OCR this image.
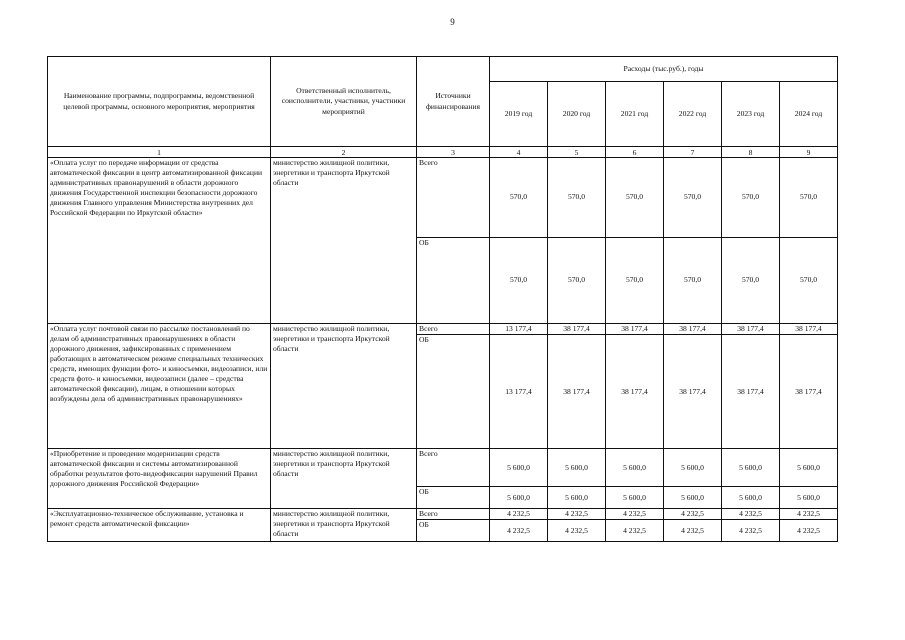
9
Наименование программы, подпрограммы, ведомственной целевой программы, основного мероприятия, мероприятия	Ответственный исполнитель, соисполнители, участники, участники мероприятий	Источники финансирования	Расходы (тыс.руб.), годы					
			2019 год	2020 год	2021 год	2022 год	2023 год	2024 год
1	2	3	4	5	6	7	8	9
«Оплата услуг по передаче информации от средства автоматической фиксации в центр автоматизированной фиксации административных правонарушений в области дорожного движения Государственной инспекции безопасности дорожного движения Главного управления Министерства внутренних дел Российской Федерации по Иркутской области»	министерство жилищной политики, энергетики и транспорта Иркутской области	Всего	570,0	570,0	570,0	570,0	570,0	570,0
		ОБ	570,0	570,0	570,0	570,0	570,0	570,0
«Оплата услуг почтовой связи по рассылке постановлений по делам об административных правонарушениях в области дорожного движения, зафиксированных с применением работающих в автоматическом режиме специальных технических средств, имеющих функции фото- и киносъемки, видеозаписи, или средств фото- и киносъемки, видеозаписи (далее – средства автоматической фиксации), лицам, в отношении которых возбуждены дела об административных правонарушениях»	министерство жилищной политики, энергетики и транспорта Иркутской области	Всего	13 177,4	38 177,4	38 177,4	38 177,4	38 177,4	38 177,4
		ОБ	13 177,4	38 177,4	38 177,4	38 177,4	38 177,4	38 177,4
«Приобретение и проведение модернизации средств автоматической фиксации и системы автоматизированной обработки результатов фото-видеофиксации нарушений Правил дорожного движения Российской Федерации»	министерство жилищной политики, энергетики и транспорта Иркутской области	Всего	5 600,0	5 600,0	5 600,0	5 600,0	5 600,0	5 600,0
		ОБ	5 600,0	5 600,0	5 600,0	5 600,0	5 600,0	5 600,0
«Эксплуатационно-техническое обслуживание, установка и ремонт средств автоматической фиксации»	министерство жилищной политики, энергетики и транспорта Иркутской области	Всего	4 232,5	4 232,5	4 232,5	4 232,5	4 232,5	4 232,5
		ОБ	4 232,5	4 232,5	4 232,5	4 232,5	4 232,5	4 232,5
